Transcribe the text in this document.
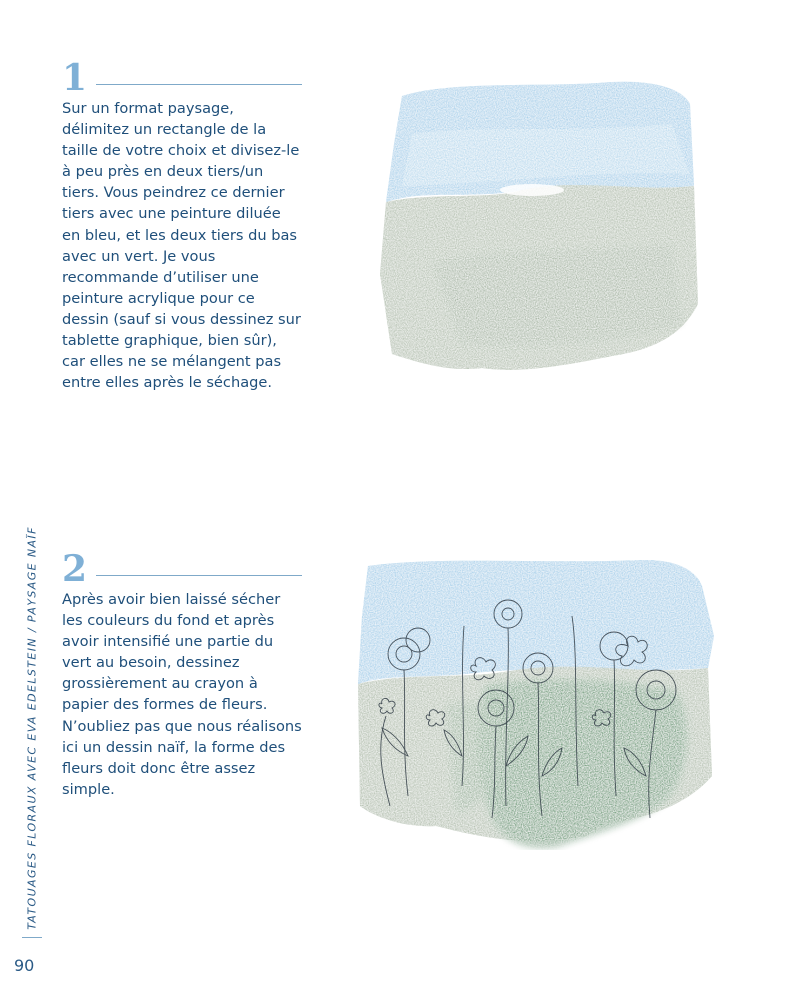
1

Sur un format paysage, délimitez un rectangle de la taille de votre choix et divisez-le à peu près en deux tiers/un tiers. Vous peindrez ce dernier tiers avec une peinture diluée en bleu, et les deux tiers du bas avec un vert. Je vous recommande d’utiliser une peinture acrylique pour ce dessin (sauf si vous dessinez sur tablette graphique, bien sûr), car elles ne se mélangent pas entre elles après le séchage.

2

Après avoir bien laissé sécher les couleurs du fond et après avoir intensifié une partie du vert au besoin, dessinez grossièrement au crayon à papier des formes de fleurs. N’oubliez pas que nous réalisons ici un dessin naïf, la forme des fleurs doit donc être assez simple.

TATOUAGES FLORAUX AVEC EVA EDELSTEIN / PAYSAGE NAÏF
90
